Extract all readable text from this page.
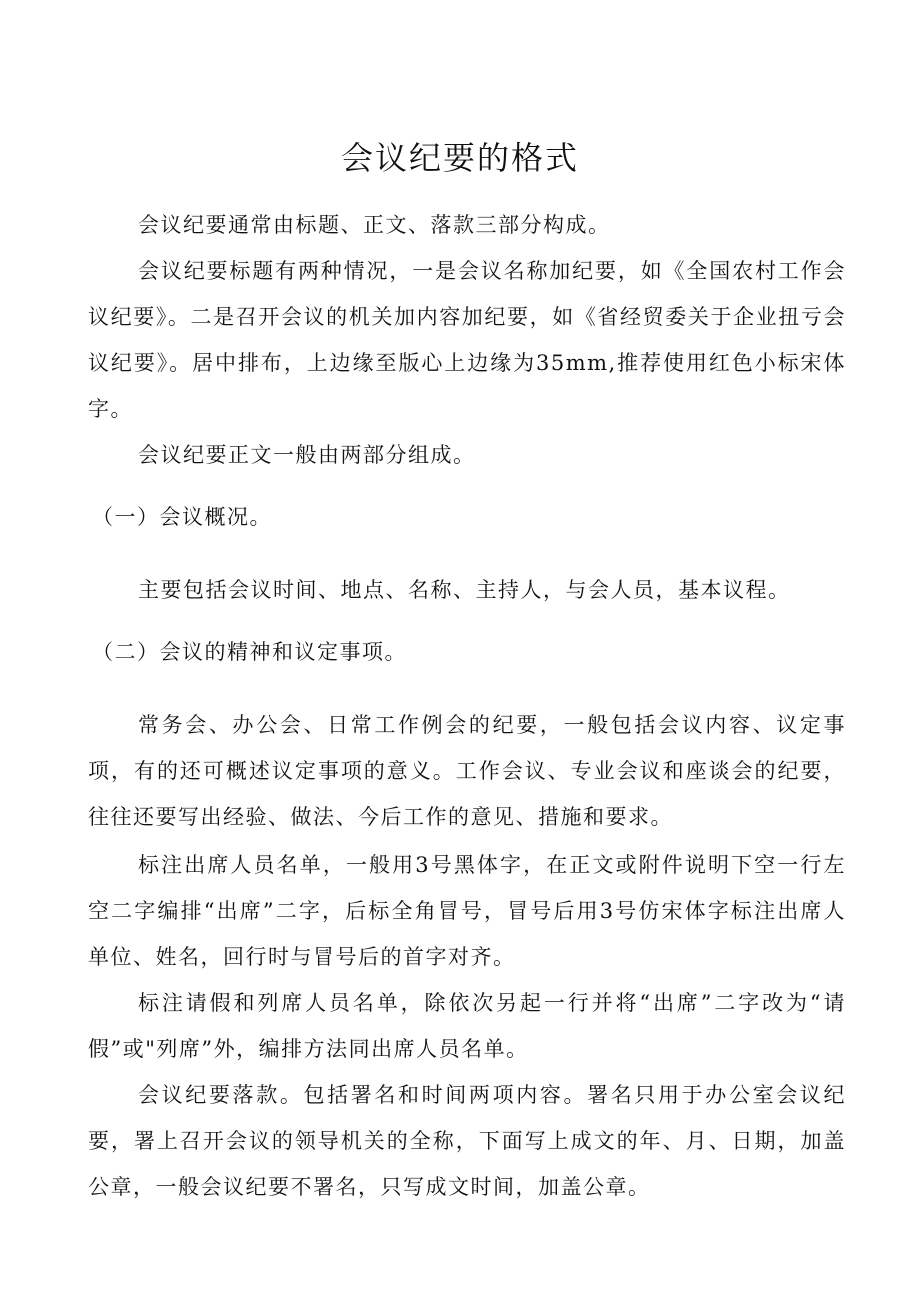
会议纪要的格式

会议纪要通常由标题、正文、落款三部分构成。

会议纪要标题有两种情况，一是会议名称加纪要，如《全国农村工作会议纪要》。二是召开会议的机关加内容加纪要，如《省经贸委关于企业扭亏会议纪要》。居中排布，上边缘至版心上边缘为35mm,推荐使用红色小标宋体字。

会议纪要正文一般由两部分组成。

（一）会议概况。

主要包括会议时间、地点、名称、主持人，与会人员，基本议程。

（二）会议的精神和议定事项。

常务会、办公会、日常工作例会的纪要，一般包括会议内容、议定事项，有的还可概述议定事项的意义。工作会议、专业会议和座谈会的纪要，往往还要写出经验、做法、今后工作的意见、措施和要求。

标注出席人员名单，一般用3号黑体字，在正文或附件说明下空一行左空二字编排“出席”二字，后标全角冒号，冒号后用3号仿宋体字标注出席人单位、姓名，回行时与冒号后的首字对齐。

标注请假和列席人员名单，除依次另起一行并将“出席”二字改为“请假”或"列席”外，编排方法同出席人员名单。

会议纪要落款。包括署名和时间两项内容。署名只用于办公室会议纪要，署上召开会议的领导机关的全称，下面写上成文的年、月、日期，加盖公章，一般会议纪要不署名，只写成文时间，加盖公章。
